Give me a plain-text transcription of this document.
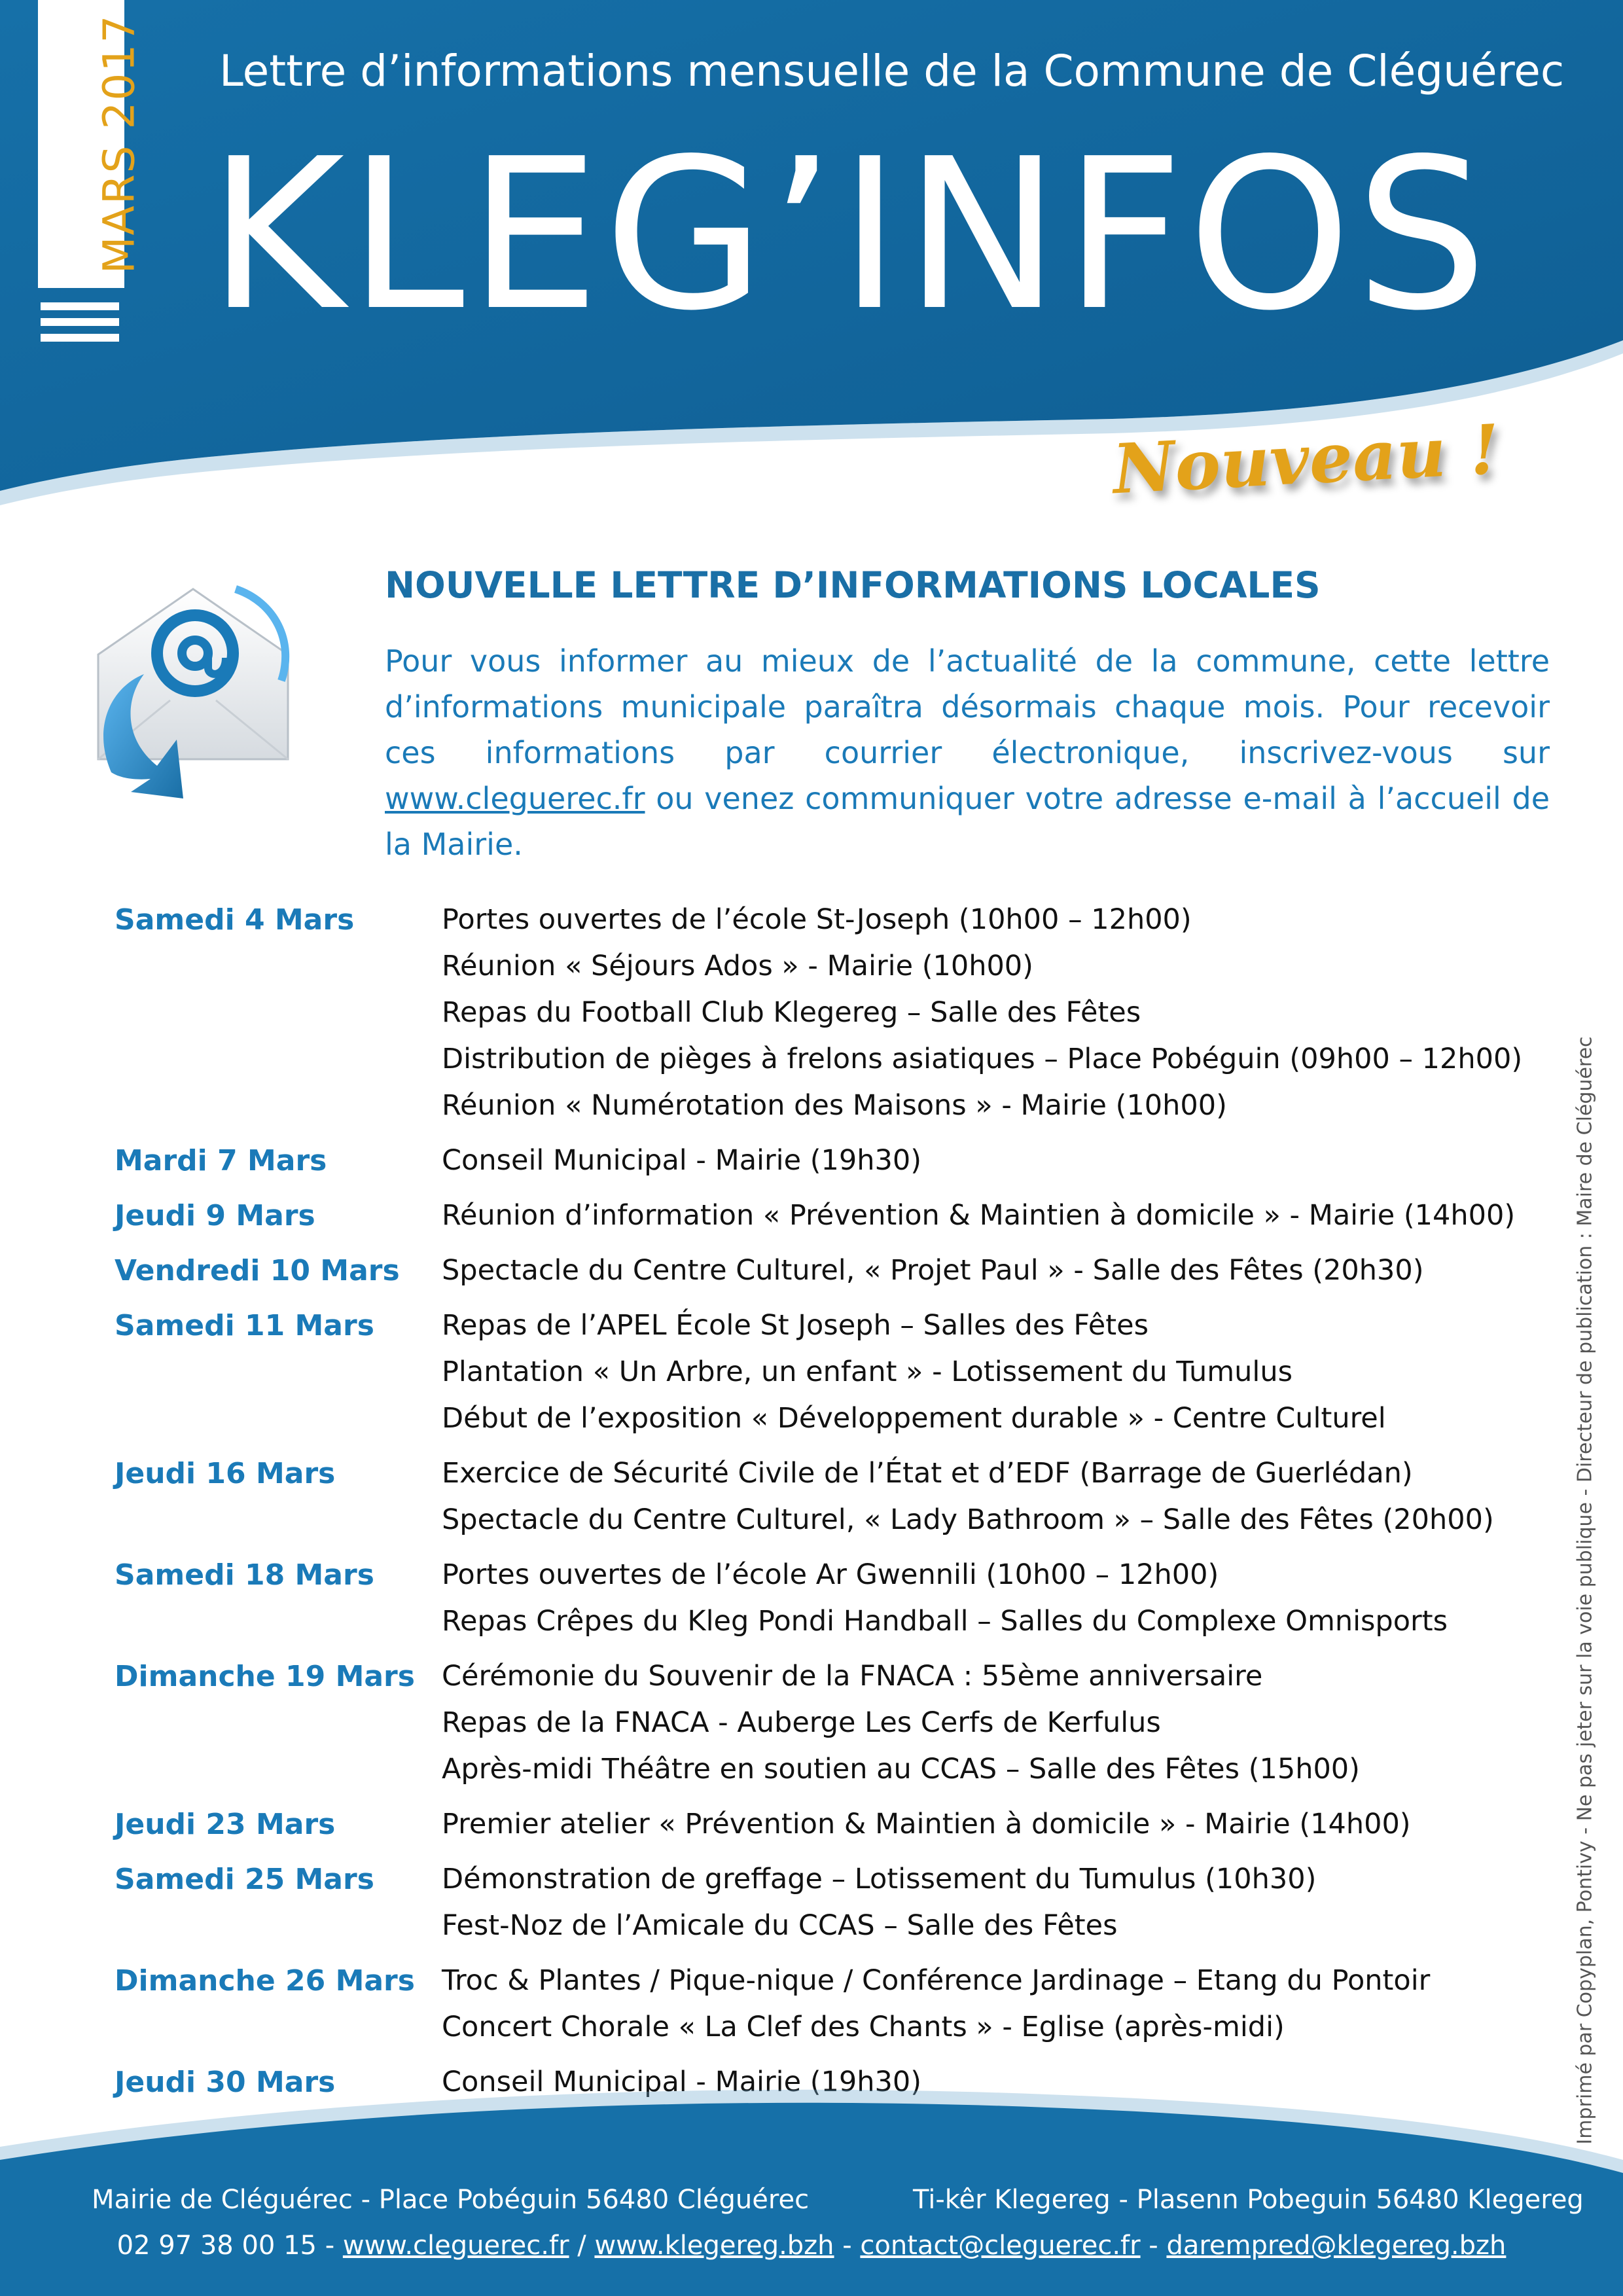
MARS 2017 Lettre d’informations mensuelle de la Commune de Cléguérec
KLEG’INFOS
Nouveau !
NOUVELLE LETTRE D’INFORMATIONS LOCALES
Pour vous informer au mieux de l’actualité de la commune, cette lettre d’informations municipale paraîtra désormais chaque mois. Pour recevoir ces informations par courrier électronique, inscrivez-vous sur www.cleguerec.fr ou venez communiquer votre adresse e-mail à l’accueil de la Mairie.
Samedi 4 Mars	Portes ouvertes de l’école St-Joseph (10h00 – 12h00)
Réunion « Séjours Ados » - Mairie (10h00)
Repas du Football Club Klegereg – Salle des Fêtes
Distribution de pièges à frelons asiatiques – Place Pobéguin (09h00 – 12h00)
Réunion « Numérotation des Maisons » - Mairie (10h00)
Mardi 7 Mars	Conseil Municipal - Mairie (19h30)
Jeudi 9 Mars	Réunion d’information « Prévention & Maintien à domicile » - Mairie (14h00)
Vendredi 10 Mars	Spectacle du Centre Culturel, « Projet Paul » - Salle des Fêtes (20h30)
Samedi 11 Mars	Repas de l’APEL École St Joseph – Salles des Fêtes
Plantation « Un Arbre, un enfant » - Lotissement du Tumulus
Début de l’exposition « Développement durable » - Centre Culturel
Jeudi 16 Mars	Exercice de Sécurité Civile de l’État et d’EDF (Barrage de Guerlédan)
Spectacle du Centre Culturel, « Lady Bathroom » – Salle des Fêtes (20h00)
Samedi 18 Mars	Portes ouvertes de l’école Ar Gwennili (10h00 – 12h00)
Repas Crêpes du Kleg Pondi Handball – Salles du Complexe Omnisports
Dimanche 19 Mars Cérémonie du Souvenir de la FNACA : 55ème anniversaire
Repas de la FNACA - Auberge Les Cerfs de Kerfulus
Après-midi Théâtre en soutien au CCAS – Salle des Fêtes (15h00)
Jeudi 23 Mars	Premier atelier « Prévention & Maintien à domicile » - Mairie (14h00)
Samedi 25 Mars	Démonstration de greffage – Lotissement du Tumulus (10h30)
Fest-Noz de l’Amicale du CCAS – Salle des Fêtes
Dimanche 26 Mars Troc & Plantes / Pique-nique / Conférence Jardinage – Etang du Pontoir
Concert Chorale « La Clef des Chants » - Eglise (après-midi)
Jeudi 30 Mars	Conseil Municipal - Mairie (19h30)	Imprimé par Copyplan, Pontivy - Ne pas jeter sur la voie publique - Directeur de publication : Maire de Cléguérec
Mairie de Cléguérec - Place Pobéguin 56480 Cléguérec	Ti-kêr Klegereg - Plasenn Pobeguin 56480 Klegereg
02 97 38 00 15 - www.cleguerec.fr / www.klegereg.bzh - contact@cleguerec.fr - darempred@klegereg.bzh
